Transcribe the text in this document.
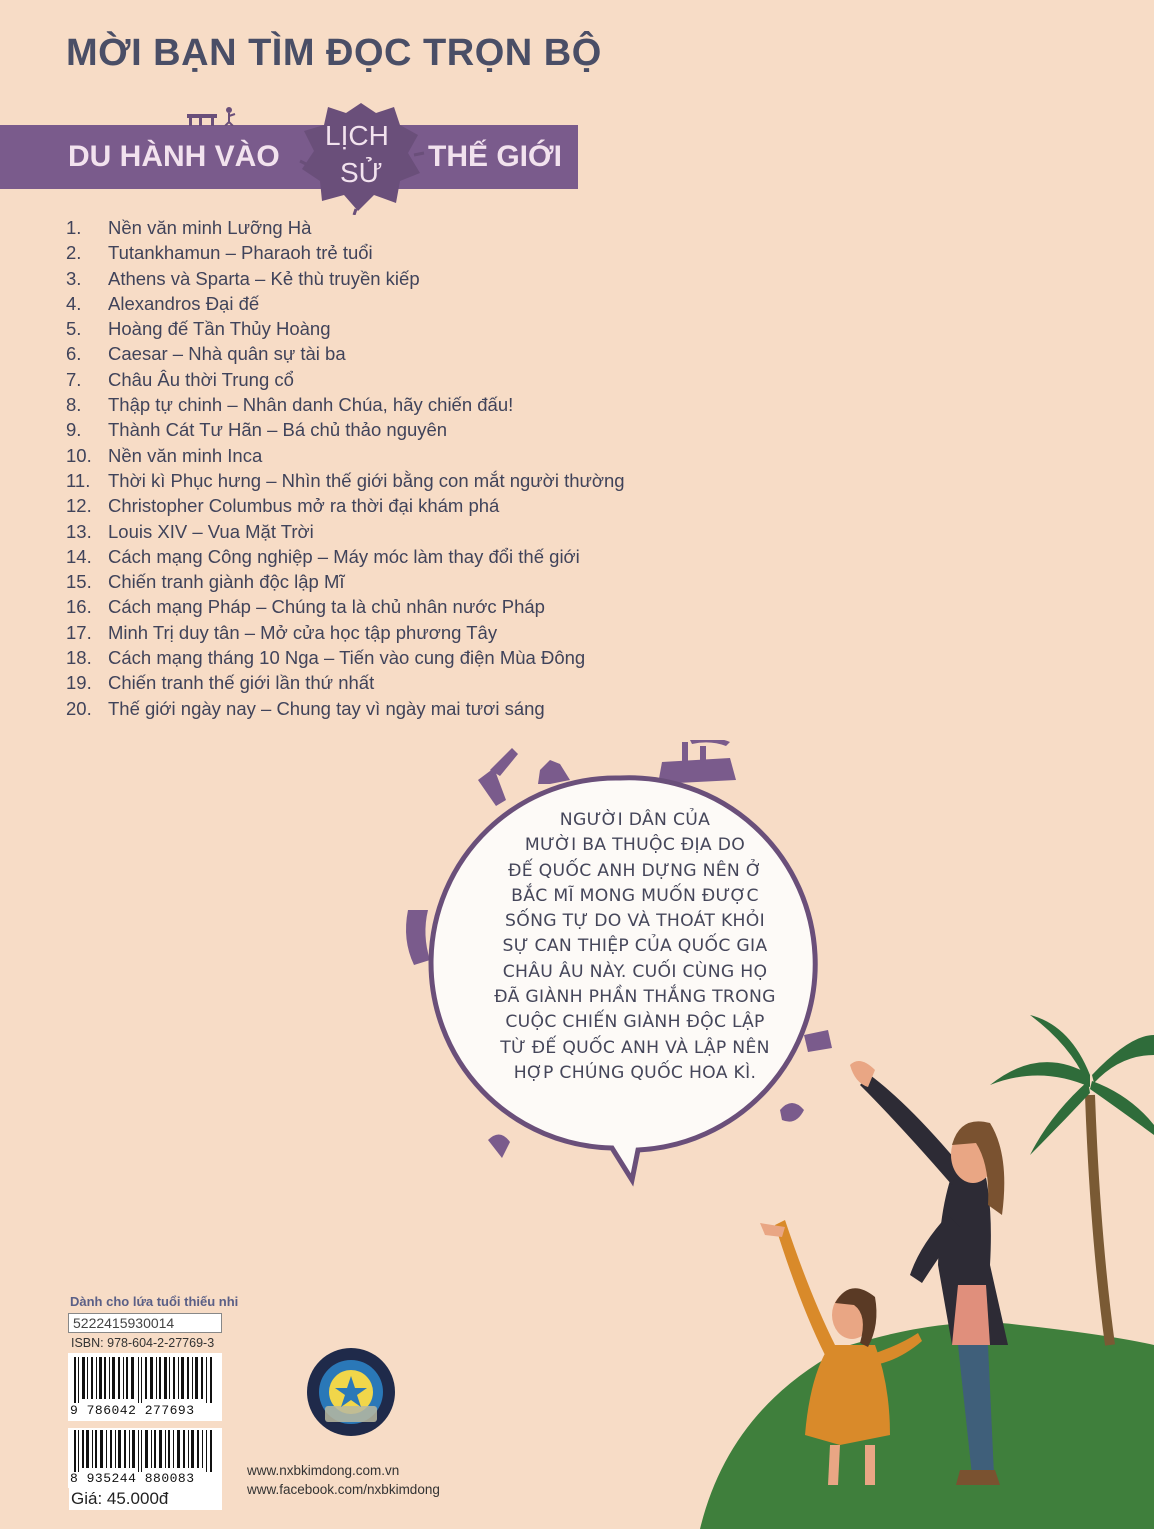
MỜI BẠN TÌM ĐỌC TRỌN BỘ
DU HÀNH VÀO
LỊCH
SỬ THẾ GIỚI
1. Nền văn minh Lưỡng Hà
2. Tutankhamun – Pharaoh trẻ tuổi
3. Athens và Sparta – Kẻ thù truyền kiếp
4. Alexandros Đại đế
5. Hoàng đế Tần Thủy Hoàng
6. Caesar – Nhà quân sự tài ba
7. Châu Âu thời Trung cổ
8. Thập tự chinh – Nhân danh Chúa, hãy chiến đấu!
9. Thành Cát Tư Hãn – Bá chủ thảo nguyên
10. Nền văn minh Inca
11. Thời kì Phục hưng – Nhìn thế giới bằng con mắt người thường
12. Christopher Columbus mở ra thời đại khám phá
13. Louis XIV – Vua Mặt Trời
14. Cách mạng Công nghiệp – Máy móc làm thay đổi thế giới
15. Chiến tranh giành độc lập Mĩ
16. Cách mạng Pháp – Chúng ta là chủ nhân nước Pháp
17. Minh Trị duy tân – Mở cửa học tập phương Tây
18. Cách mạng tháng 10 Nga – Tiến vào cung điện Mùa Đông
19. Chiến tranh thế giới lần thứ nhất
20. Thế giới ngày nay – Chung tay vì ngày mai tươi sáng
NGƯỜI DÂN CỦA
MƯỜI BA THUỘC ĐỊA DO
ĐẾ QUỐC ANH DỰNG NÊN Ở
BẮC MĨ MONG MUỐN ĐƯỢC
SỐNG TỰ DO VÀ THOÁT KHỎI
SỰ CAN THIỆP CỦA QUỐC GIA
CHÂU ÂU NÀY. CUỐI CÙNG HỌ
ĐÃ GIÀNH PHẦN THẮNG TRONG
CUỘC CHIẾN GIÀNH ĐỘC LẬP
TỪ ĐẾ QUỐC ANH VÀ LẬP NÊN
HỢP CHÚNG QUỐC HOA KÌ.
Dành cho lứa tuổi thiếu nhi
5222415930014
ISBN: 978-604-2-27769-3
9 786042 277693
8 935244 880083
Giá: 45.000đ
www.nxbkimdong.com.vn
www.facebook.com/nxbkimdong
